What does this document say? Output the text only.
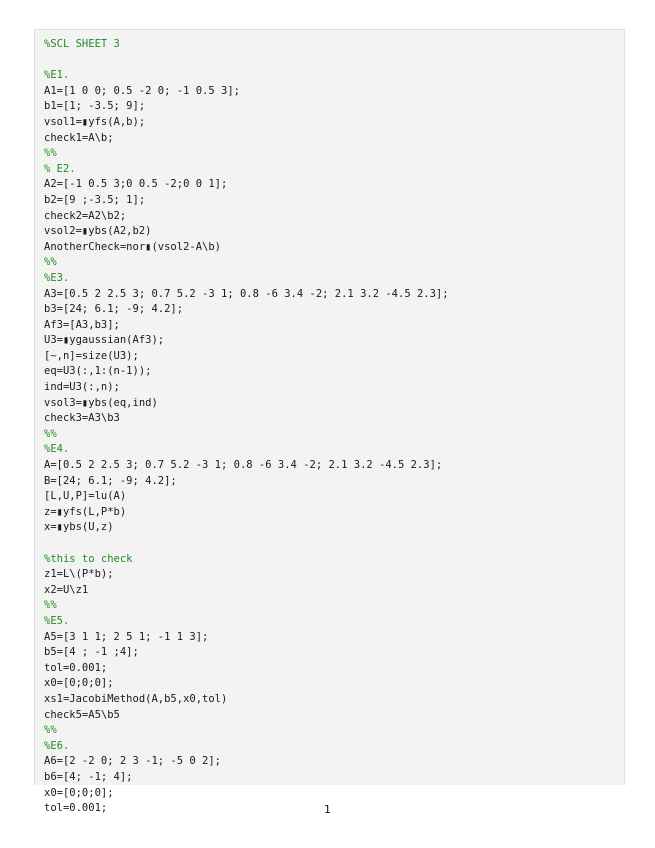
%SCL SHEET 3
%E1.
A1=[1 0 0; 0.5 -2 0; -1 0.5 3];
b1=[1; -3.5; 9];
vsol1=▮yfs(A,b);
check1=A\b;
%%
% E2.
A2=[-1 0.5 3;0 0.5 -2;0 0 1];
b2=[9 ;-3.5; 1];
check2=A2\b2;
vsol2=▮ybs(A2,b2)
AnotherCheck=nor▮(vsol2-A\b)
%%
%E3.
A3=[0.5 2 2.5 3; 0.7 5.2 -3 1; 0.8 -6 3.4 -2; 2.1 3.2 -4.5 2.3];
b3=[24; 6.1; -9; 4.2];
Af3=[A3,b3];
U3=▮ygaussian(Af3);
[~,n]=size(U3);
eq=U3(:,1:(n-1));
ind=U3(:,n);
vsol3=▮ybs(eq,ind)
check3=A3\b3
%%
%E4.
A=[0.5 2 2.5 3; 0.7 5.2 -3 1; 0.8 -6 3.4 -2; 2.1 3.2 -4.5 2.3];
B=[24; 6.1; -9; 4.2];
[L,U,P]=lu(A)
z=▮yfs(L,P*b)
x=▮ybs(U,z)
%this to check
z1=L\(P*b);
x2=U\z1
%%
%E5.
A5=[3 1 1; 2 5 1; -1 1 3];
b5=[4 ; -1 ;4];
tol=0.001;
x0=[0;0;0];
xs1=JacobiMethod(A,b5,x0,tol)
check5=A5\b5
%%
%E6.
A6=[2 -2 0; 2 3 -1; -5 0 2];
b6=[4; -1; 4];
x0=[0;0;0];
tol=0.001;	1
